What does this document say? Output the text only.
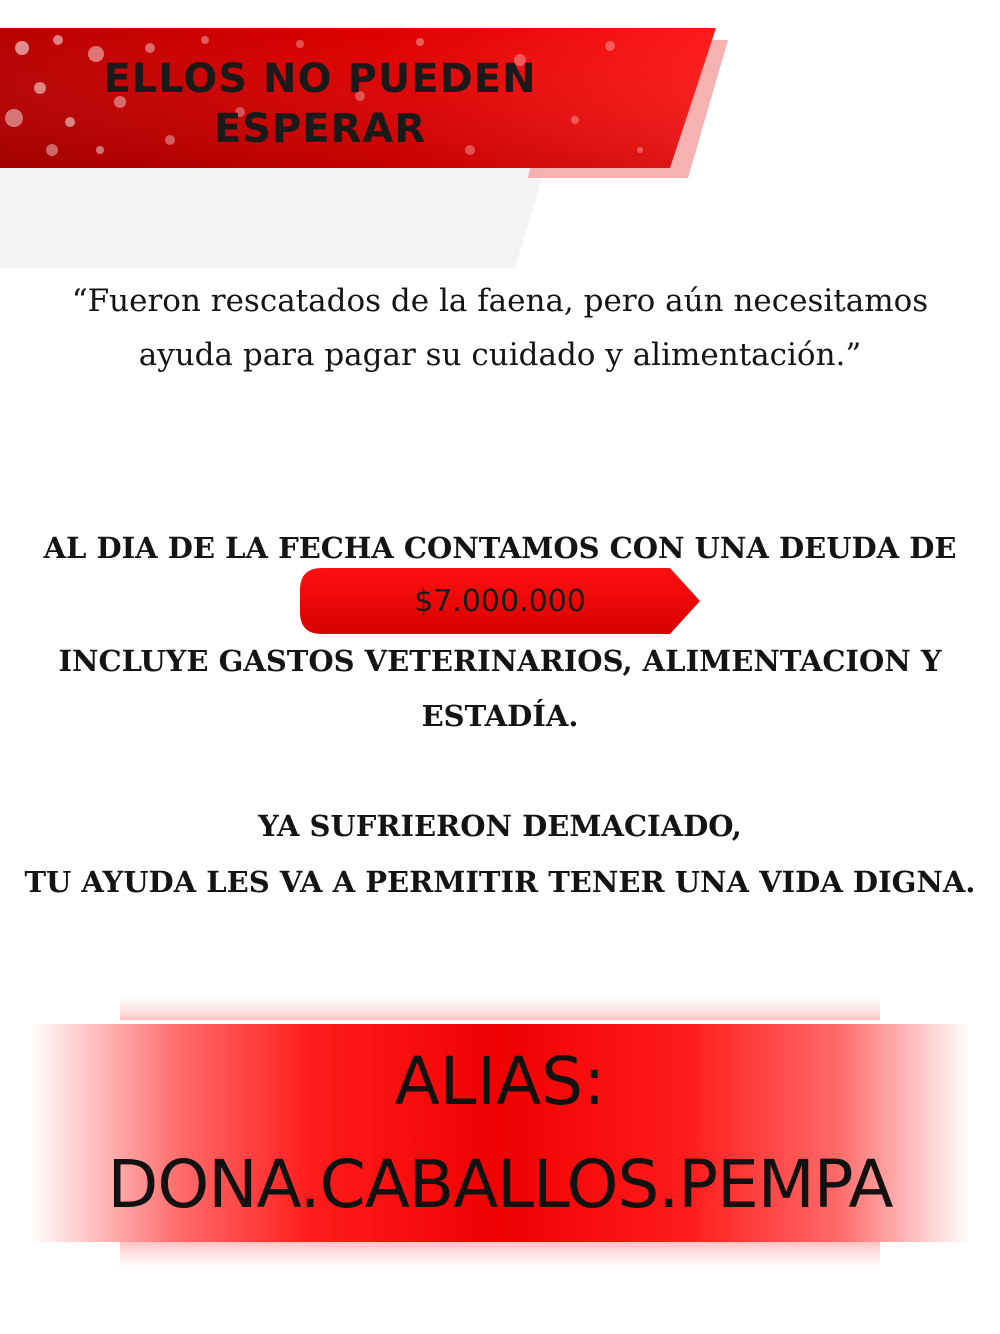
ELLOS NO PUEDEN
ESPERAR
“Fueron rescatados de la faena, pero aún necesitamos
ayuda para pagar su cuidado y alimentación.”
AL DIA DE LA FECHA CONTAMOS CON UNA DEUDA DE
$7.000.000
INCLUYE GASTOS VETERINARIOS, ALIMENTACION Y
ESTADÍA.
YA SUFRIERON DEMACIADO,
TU AYUDA LES VA A PERMITIR TENER UNA VIDA DIGNA.
ALIAS:
DONA.CABALLOS.PEMPA
